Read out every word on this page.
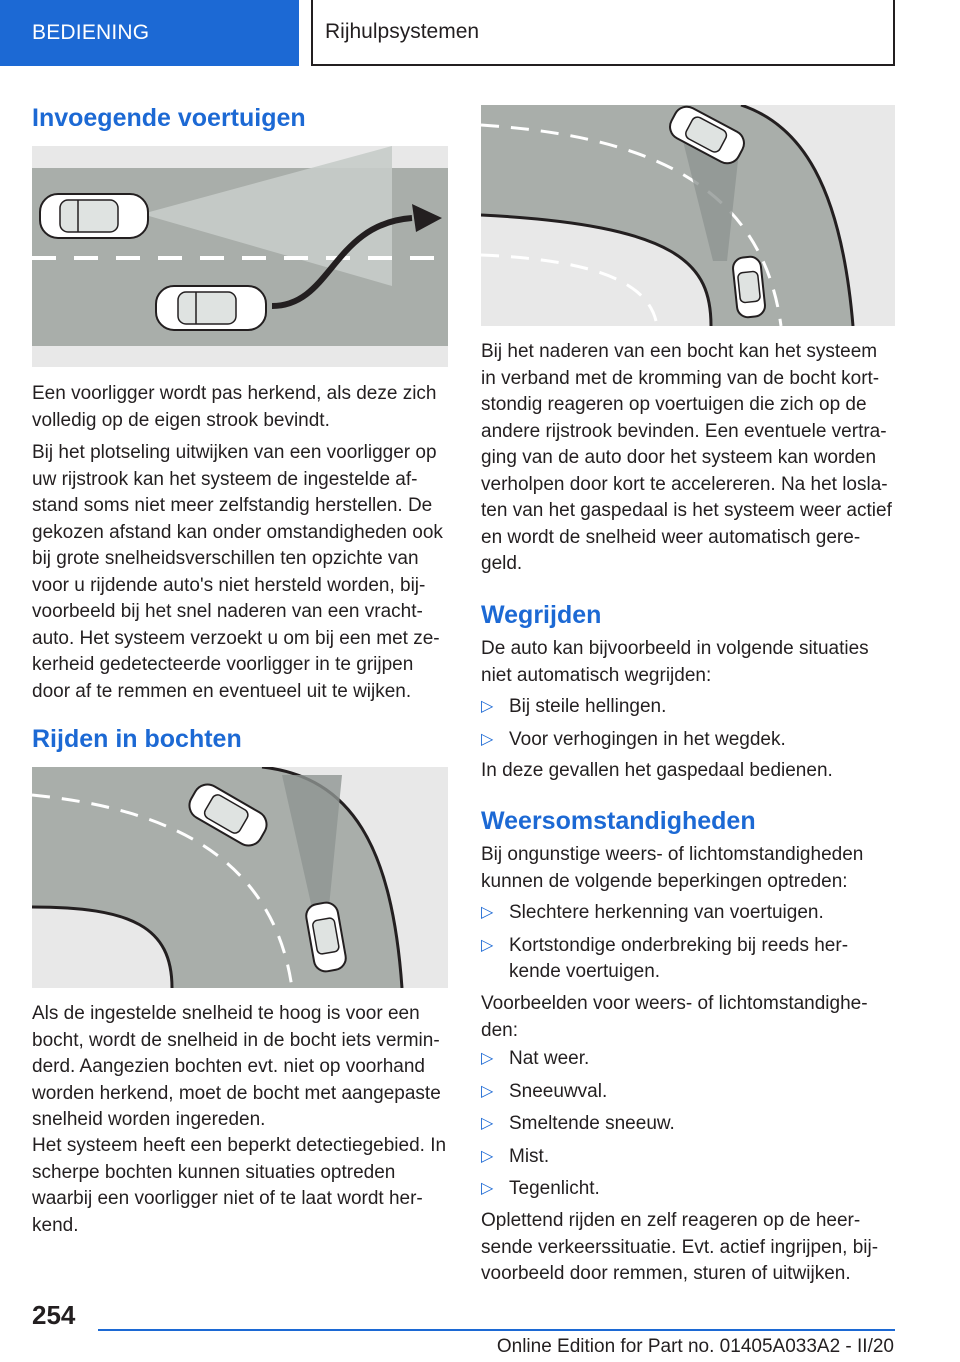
BEDIENING	Rijhulpsystemen
Invoegende voertuigen

Een voorligger wordt pas herkend, als deze zich volledig op de eigen strook bevindt.

Bij het plotseling uitwijken van een voorligger op uw rijstrook kan het systeem de ingestelde af-stand soms niet meer zelfstandig herstellen. De gekozen afstand kan onder omstandigheden ook bij grote snelheidsverschillen ten opzichte van voor u rijdende auto's niet hersteld worden, bij-voorbeeld bij het snel naderen van een vracht-auto. Het systeem verzoekt u om bij een met ze-kerheid gedetecteerde voorligger in te grijpen door af te remmen en eventueel uit te wijken.

Rijden in bochten

Als de ingestelde snelheid te hoog is voor een bocht, wordt de snelheid in de bocht iets vermin-derd. Aangezien bochten evt. niet op voorhand worden herkend, moet de bocht met aangepaste snelheid worden ingereden.

Het systeem heeft een beperkt detectiegebied. In scherpe bochten kunnen situaties optreden waarbij een voorligger niet of te laat wordt her-kend.

Bij het naderen van een bocht kan het systeem in verband met de kromming van de bocht kort-stondig reageren op voertuigen die zich op de andere rijstrook bevinden. Een eventuele vertra-ging van de auto door het systeem kan worden verholpen door kort te accelereren. Na het losla-ten van het gaspedaal is het systeem weer actief en wordt de snelheid weer automatisch gere-geld.

Wegrijden

De auto kan bijvoorbeeld in volgende situaties niet automatisch wegrijden:

▷ Bij steile hellingen.
▷ Voor verhogingen in het wegdek.

In deze gevallen het gaspedaal bedienen.

Weersomstandigheden

Bij ongunstige weers- of lichtomstandigheden kunnen de volgende beperkingen optreden:

▷ Slechtere herkenning van voertuigen.
▷ Kortstondige onderbreking bij reeds her-kende voertuigen.

Voorbeelden voor weers- of lichtomstandighe-den:

▷ Nat weer.
▷ Sneeuwval.
▷ Smeltende sneeuw.
▷ Mist.
▷ Tegenlicht.

Oplettend rijden en zelf reageren op de heer-sende verkeerssituatie. Evt. actief ingrijpen, bij-voorbeeld door remmen, sturen of uitwijken.

254
Online Edition for Part no. 01405A033A2 - II/20
